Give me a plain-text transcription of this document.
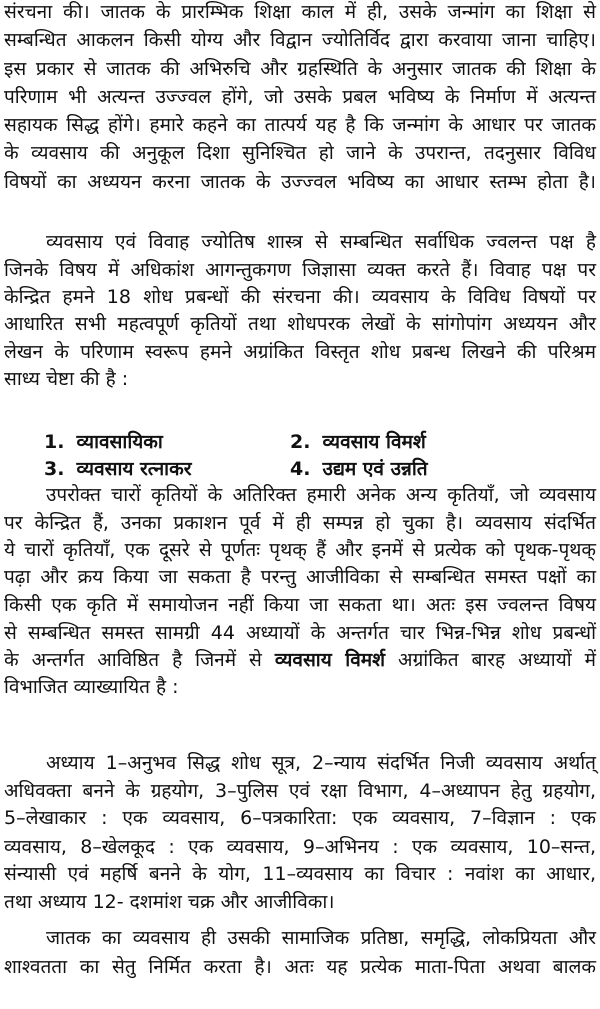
संरचना की। जातक के प्रारम्भिक शिक्षा काल में ही, उसके जन्मांग का शिक्षा से
सम्बन्धित आकलन किसी योग्य और विद्वान ज्योतिर्विद द्वारा करवाया जाना चाहिए।
इस प्रकार से जातक की अभिरुचि और ग्रहस्थिति के अनुसार जातक की शिक्षा के
परिणाम भी अत्यन्त उज्ज्वल होंगे, जो उसके प्रबल भविष्य के निर्माण में अत्यन्त
सहायक सिद्ध होंगे। हमारे कहने का तात्पर्य यह है कि जन्मांग के आधार पर जातक
के व्यवसाय की अनुकूल दिशा सुनिश्चित हो जाने के उपरान्त, तदनुसार विविध
विषयों का अध्ययन करना जातक के उज्ज्वल भविष्य का आधार स्तम्भ होता है।
व्यवसाय एवं विवाह ज्योतिष शास्त्र से सम्बन्धित सर्वाधिक ज्वलन्त पक्ष है
जिनके विषय में अधिकांश आगन्तुकगण जिज्ञासा व्यक्त करते हैं। विवाह पक्ष पर
केन्द्रित हमने 18 शोध प्रबन्धों की संरचना की। व्यवसाय के विविध विषयों पर
आधारित सभी महत्वपूर्ण कृतियों तथा शोधपरक लेखों के सांगोपांग अध्ययन और
लेखन के परिणाम स्वरूप हमने अग्रांकित विस्तृत शोध प्रबन्ध लिखने की परिश्रम
साध्य चेष्टा की है :
1. व्यावसायिका	2. व्यवसाय विमर्श
3. व्यवसाय रत्नाकर	4. उद्यम एवं उन्नति
उपरोक्त चारों कृतियों के अतिरिक्त हमारी अनेक अन्य कृतियाँ, जो व्यवसाय
पर केन्द्रित हैं, उनका प्रकाशन पूर्व में ही सम्पन्न हो चुका है। व्यवसाय संदर्भित
ये चारों कृतियाँ, एक दूसरे से पूर्णतः पृथक् हैं और इनमें से प्रत्येक को पृथक-पृथक्
पढ़ा और क्रय किया जा सकता है परन्तु आजीविका से सम्बन्धित समस्त पक्षों का
किसी एक कृति में समायोजन नहीं किया जा सकता था। अतः इस ज्वलन्त विषय
से सम्बन्धित समस्त सामग्री 44 अध्यायों के अन्तर्गत चार भिन्न-भिन्न शोध प्रबन्धों
के अन्तर्गत आविष्ठित है जिनमें से व्यवसाय विमर्श अग्रांकित बारह अध्यायों में
विभाजित व्याख्यायित है :
अध्याय 1–अनुभव सिद्ध शोध सूत्र, 2–न्याय संदर्भित निजी व्यवसाय अर्थात्
अधिवक्ता बनने के ग्रहयोग, 3–पुलिस एवं रक्षा विभाग, 4–अध्यापन हेतु ग्रहयोग,
5–लेखाकार : एक व्यवसाय, 6–पत्रकारिता: एक व्यवसाय, 7–विज्ञान : एक
व्यवसाय, 8–खेलकूद : एक व्यवसाय, 9–अभिनय : एक व्यवसाय, 10–सन्त,
संन्यासी एवं महर्षि बनने के योग, 11–व्यवसाय का विचार : नवांश का आधार,
तथा अध्याय 12- दशमांश चक्र और आजीविका।
जातक का व्यवसाय ही उसकी सामाजिक प्रतिष्ठा, समृद्धि, लोकप्रियता और
शाश्वतता का सेतु निर्मित करता है। अतः यह प्रत्येक माता-पिता अथवा बालक
